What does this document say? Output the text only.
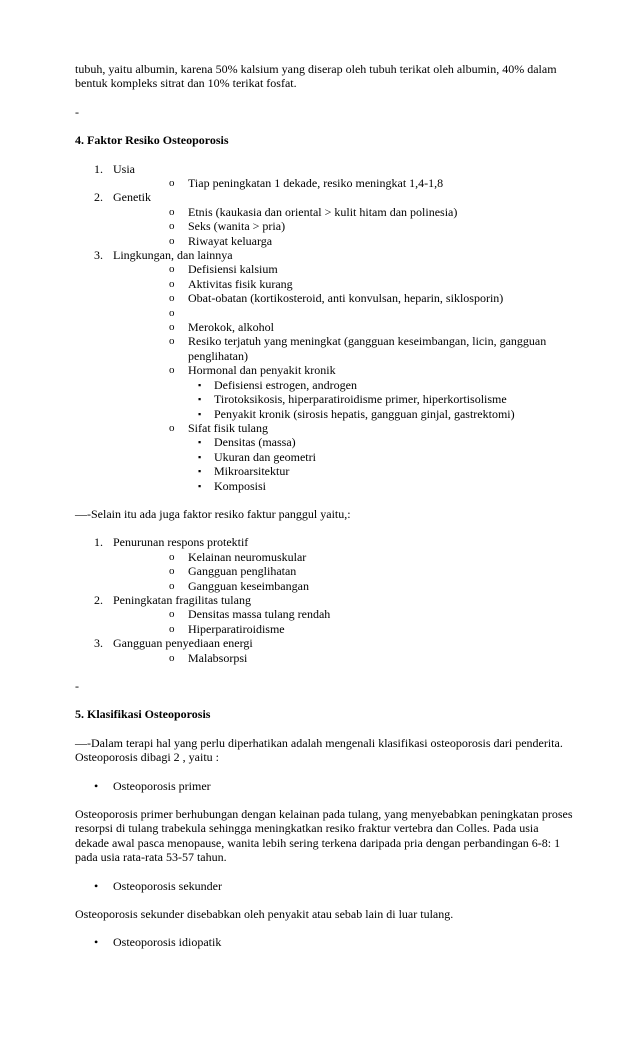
tubuh, yaitu albumin, karena 50% kalsium yang diserap oleh tubuh terikat oleh albumin, 40% dalam bentuk kompleks sitrat dan 10% terikat fosfat.

-

4. Faktor Resiko Osteoporosis
1. Usia
o Tiap peningkatan 1 dekade, resiko meningkat 1,4-1,8
2. Genetik
o Etnis (kaukasia dan oriental > kulit hitam dan polinesia)
o Seks (wanita > pria)
o Riwayat keluarga
3. Lingkungan, dan lainnya
o Defisiensi kalsium
o Aktivitas fisik kurang
o Obat-obatan (kortikosteroid, anti konvulsan, heparin, siklosporin)
o
o Merokok, alkohol
o Resiko terjatuh yang meningkat (gangguan keseimbangan, licin, gangguan penglihatan)
o Hormonal dan penyakit kronik
▪ Defisiensi estrogen, androgen
▪ Tirotoksikosis, hiperparatiroidisme primer, hiperkortisolisme
▪ Penyakit kronik (sirosis hepatis, gangguan ginjal, gastrektomi)
o Sifat fisik tulang
▪ Densitas (massa)
▪ Ukuran dan geometri
▪ Mikroarsitektur
▪ Komposisi

—-Selain itu ada juga faktor resiko faktur panggul yaitu,:

1. Penurunan respons protektif
o Kelainan neuromuskular
o Gangguan penglihatan
o Gangguan keseimbangan
2. Peningkatan fragilitas tulang
o Densitas massa tulang rendah
o Hiperparatiroidisme
3. Gangguan penyediaan energi
o Malabsorpsi

-

5. Klasifikasi Osteoporosis

—-Dalam terapi hal yang perlu diperhatikan adalah mengenali klasifikasi osteoporosis dari penderita. Osteoporosis dibagi 2 , yaitu :

• Osteoporosis primer

Osteoporosis primer berhubungan dengan kelainan pada tulang, yang menyebabkan peningkatan proses resorpsi di tulang trabekula sehingga meningkatkan resiko fraktur vertebra dan Colles. Pada usia dekade awal pasca menopause, wanita lebih sering terkena daripada pria dengan perbandingan 6-8: 1 pada usia rata-rata 53-57 tahun.

• Osteoporosis sekunder

Osteoporosis sekunder disebabkan oleh penyakit atau sebab lain di luar tulang.

• Osteoporosis idiopatik
